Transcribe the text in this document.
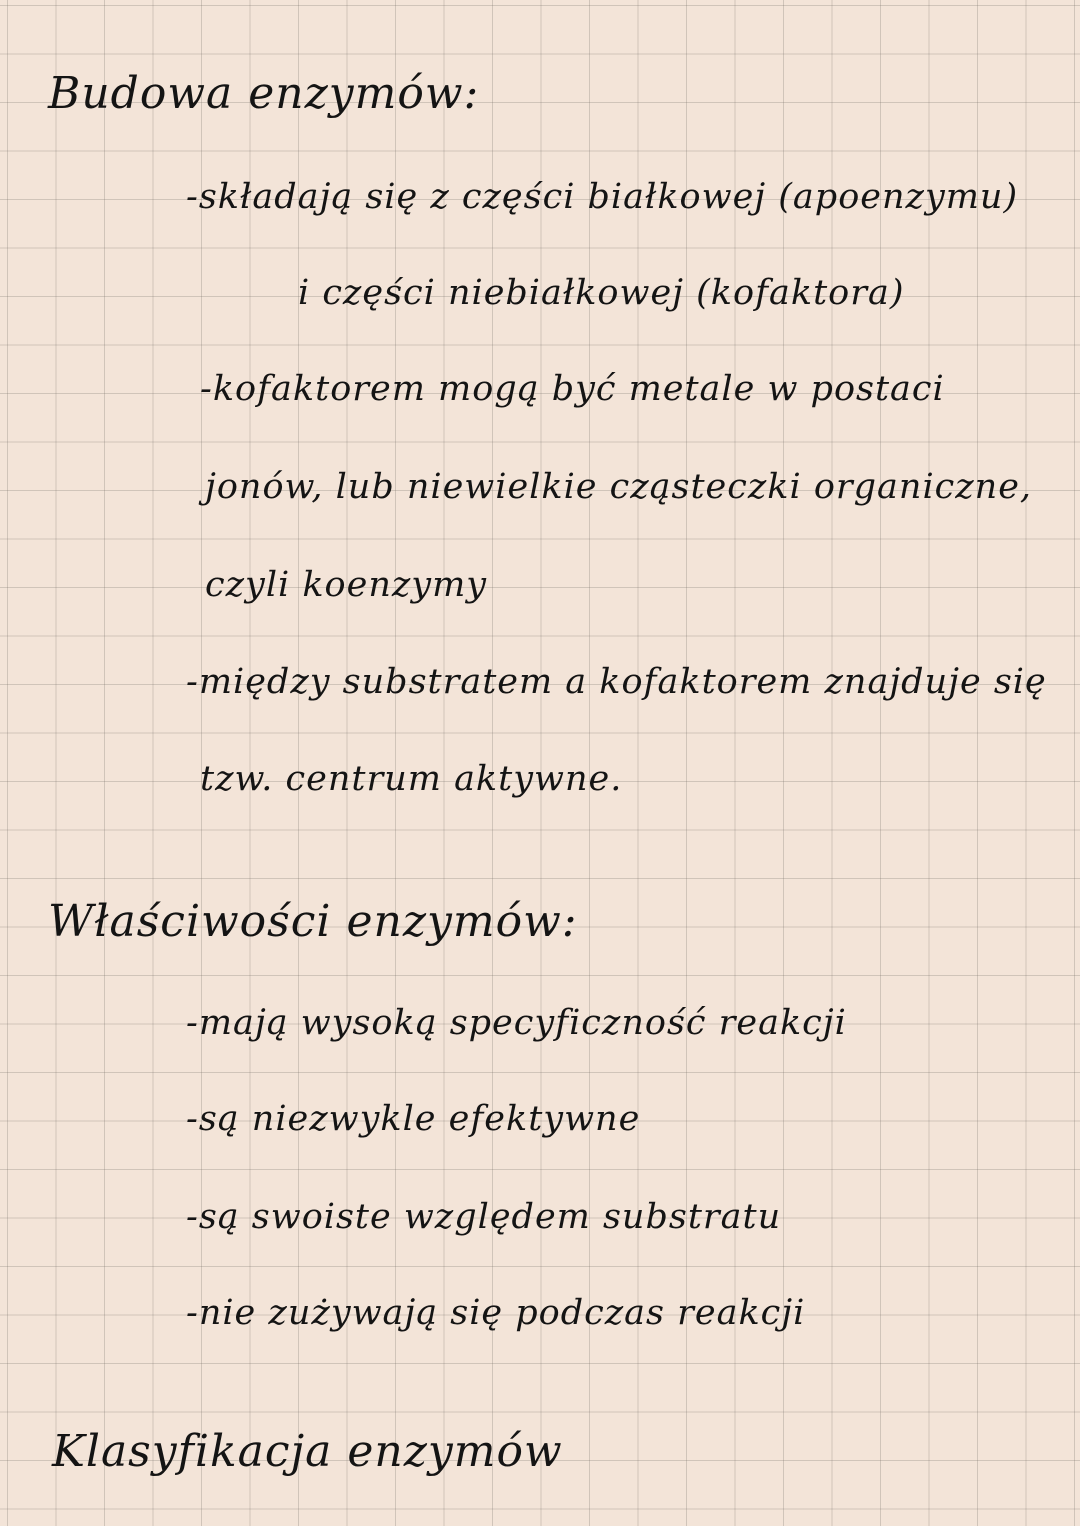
Budowa enzymów:
-składają się z części białkowej (apoenzymu)
i części niebiałkowej (kofaktora)
-kofaktorem mogą być metale w postaci
jonów, lub niewielkie cząsteczki organiczne,
czyli koenzymy
-między substratem a kofaktorem znajduje się
tzw. centrum aktywne.
Właściwości enzymów:
-mają wysoką specyficzność reakcji
-są niezwykle efektywne
-są swoiste względem substratu
-nie zużywają się podczas reakcji
Klasyfikacja enzymów
